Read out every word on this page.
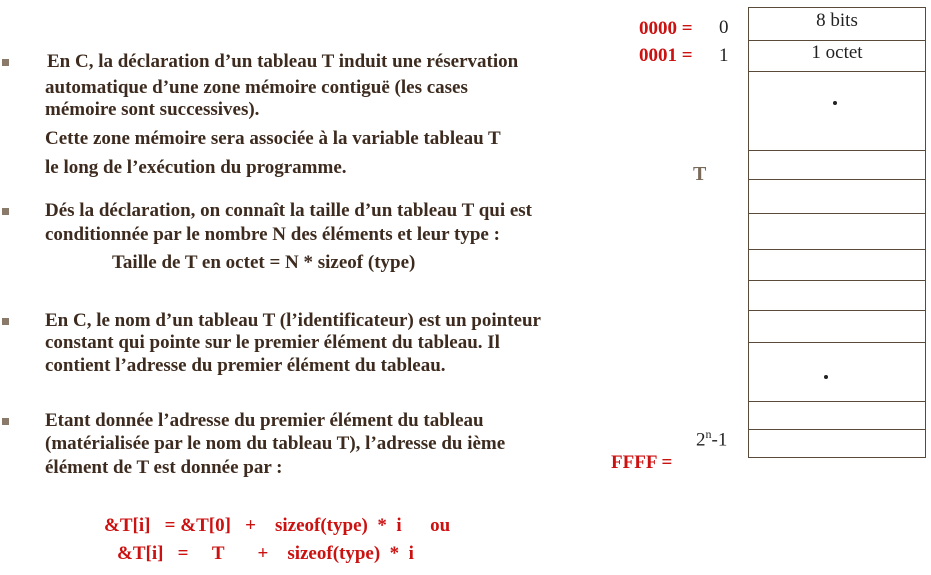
En C, la déclaration d’un tableau T induit une réservation
automatique d’une zone mémoire contiguë (les cases
mémoire sont successives).
Cette zone mémoire sera associée à la variable tableau T
le long de l’exécution du programme.
Dés la déclaration, on connaît la taille d’un tableau T qui est
conditionnée par le nombre N des éléments et leur type :
Taille de T en octet = N * sizeof (type)
En C, le nom d’un tableau T (l’identificateur) est un pointeur
constant qui pointe sur le premier élément du tableau. Il
contient l’adresse du premier élément du tableau.
Etant donnée l’adresse du premier élément du tableau
(matérialisée par le nom du tableau T), l’adresse du ième
élément de T est donnée par :
&T[i]   = &T[0]   +    sizeof(type)  *  i      ou
&T[i]   =     T       +    sizeof(type)  *  i
0000 = 0
0001 = 1
T
2$^n$-1
FFFF =
8 bits
1 octet
